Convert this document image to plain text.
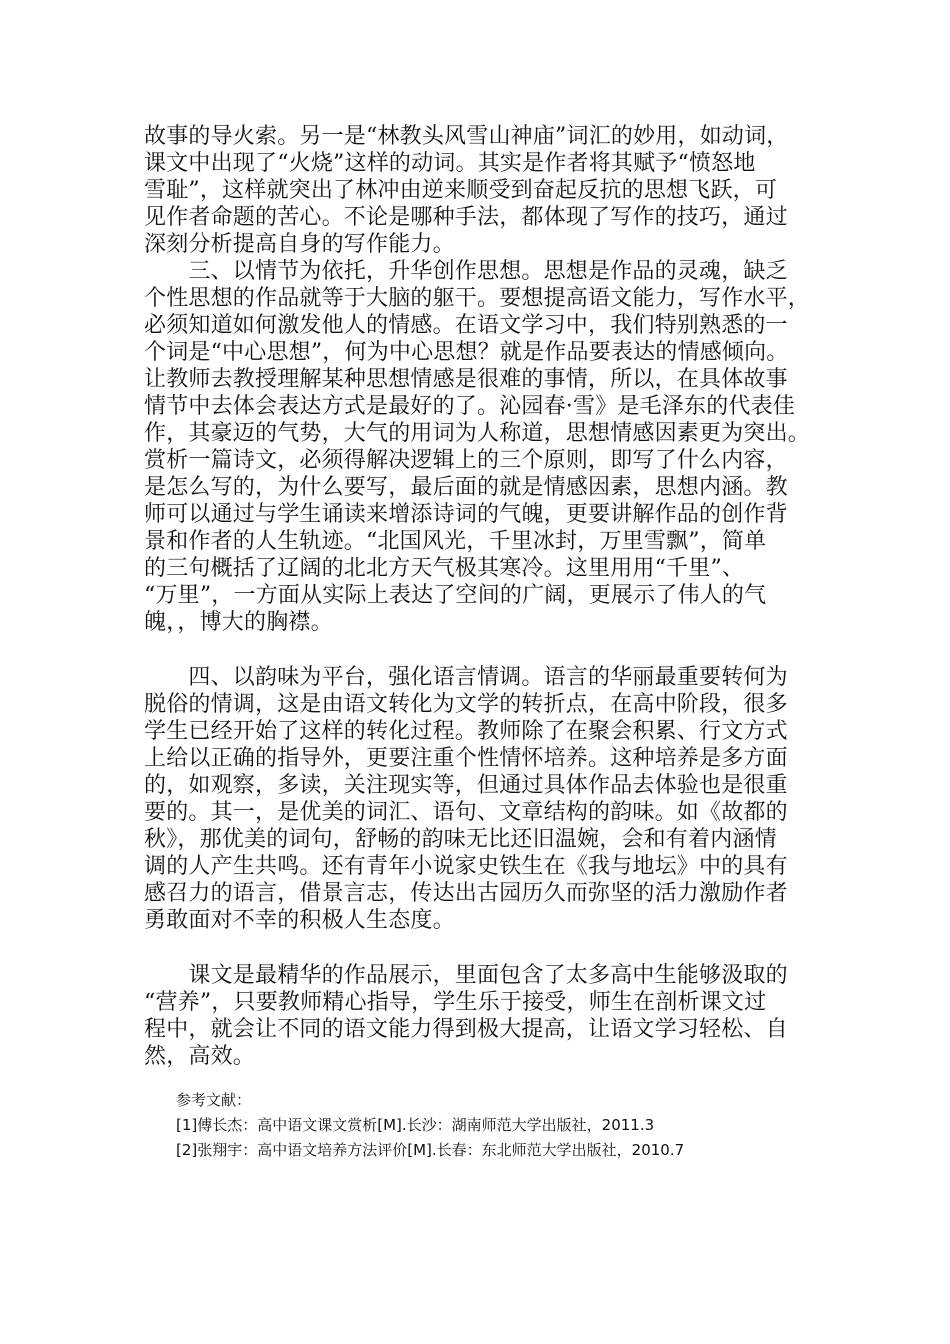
故事的导火索。另一是“林教头风雪山神庙”词汇的妙用，如动词，
课文中出现了“火烧”这样的动词。其实是作者将其赋予“愤怒地
雪耻”，这样就突出了林冲由逆来顺受到奋起反抗的思想飞跃，可
见作者命题的苦心。不论是哪种手法，都体现了写作的技巧，通过
深刻分析提高自身的写作能力。
　　三、以情节为依托，升华创作思想。思想是作品的灵魂，缺乏
个性思想的作品就等于大脑的躯干。要想提高语文能力，写作水平，
必须知道如何激发他人的情感。在语文学习中，我们特别熟悉的一
个词是“中心思想”，何为中心思想？就是作品要表达的情感倾向。
让教师去教授理解某种思想情感是很难的事情，所以，在具体故事
情节中去体会表达方式是最好的了。沁园春·雪》是毛泽东的代表佳
作，其豪迈的气势，大气的用词为人称道，思想情感因素更为突出。
赏析一篇诗文，必须得解决逻辑上的三个原则，即写了什么内容，
是怎么写的，为什么要写，最后面的就是情感因素，思想内涵。教
师可以通过与学生诵读来增添诗词的气魄，更要讲解作品的创作背
景和作者的人生轨迹。“北国风光，千里冰封，万里雪飘”，简单
的三句概括了辽阔的北北方天气极其寒冷。这里用用“千里”、
“万里”，一方面从实际上表达了空间的广阔，更展示了伟人的气
魄，，博大的胸襟。
　　四、以韵味为平台，强化语言情调。语言的华丽最重要转何为
脱俗的情调，这是由语文转化为文学的转折点，在高中阶段，很多
学生已经开始了这样的转化过程。教师除了在聚会积累、行文方式
上给以正确的指导外，更要注重个性情怀培养。这种培养是多方面
的，如观察，多读，关注现实等，但通过具体作品去体验也是很重
要的。其一，是优美的词汇、语句、文章结构的韵味。如《故都的
秋》，那优美的词句，舒畅的韵味无比还旧温婉，会和有着内涵情
调的人产生共鸣。还有青年小说家史铁生在《我与地坛》中的具有
感召力的语言，借景言志，传达出古园历久而弥坚的活力激励作者
勇敢面对不幸的积极人生态度。
　　课文是最精华的作品展示，里面包含了太多高中生能够汲取的
“营养”，只要教师精心指导，学生乐于接受，师生在剖析课文过
程中，就会让不同的语文能力得到极大提高，让语文学习轻松、自
然，高效。
参考文献：
[1]傅长杰：高中语文课文赏析[M].长沙：湖南师范大学出版社，2011.3
[2]张翔宇：高中语文培养方法评价[M].长春：东北师范大学出版社，2010.7
